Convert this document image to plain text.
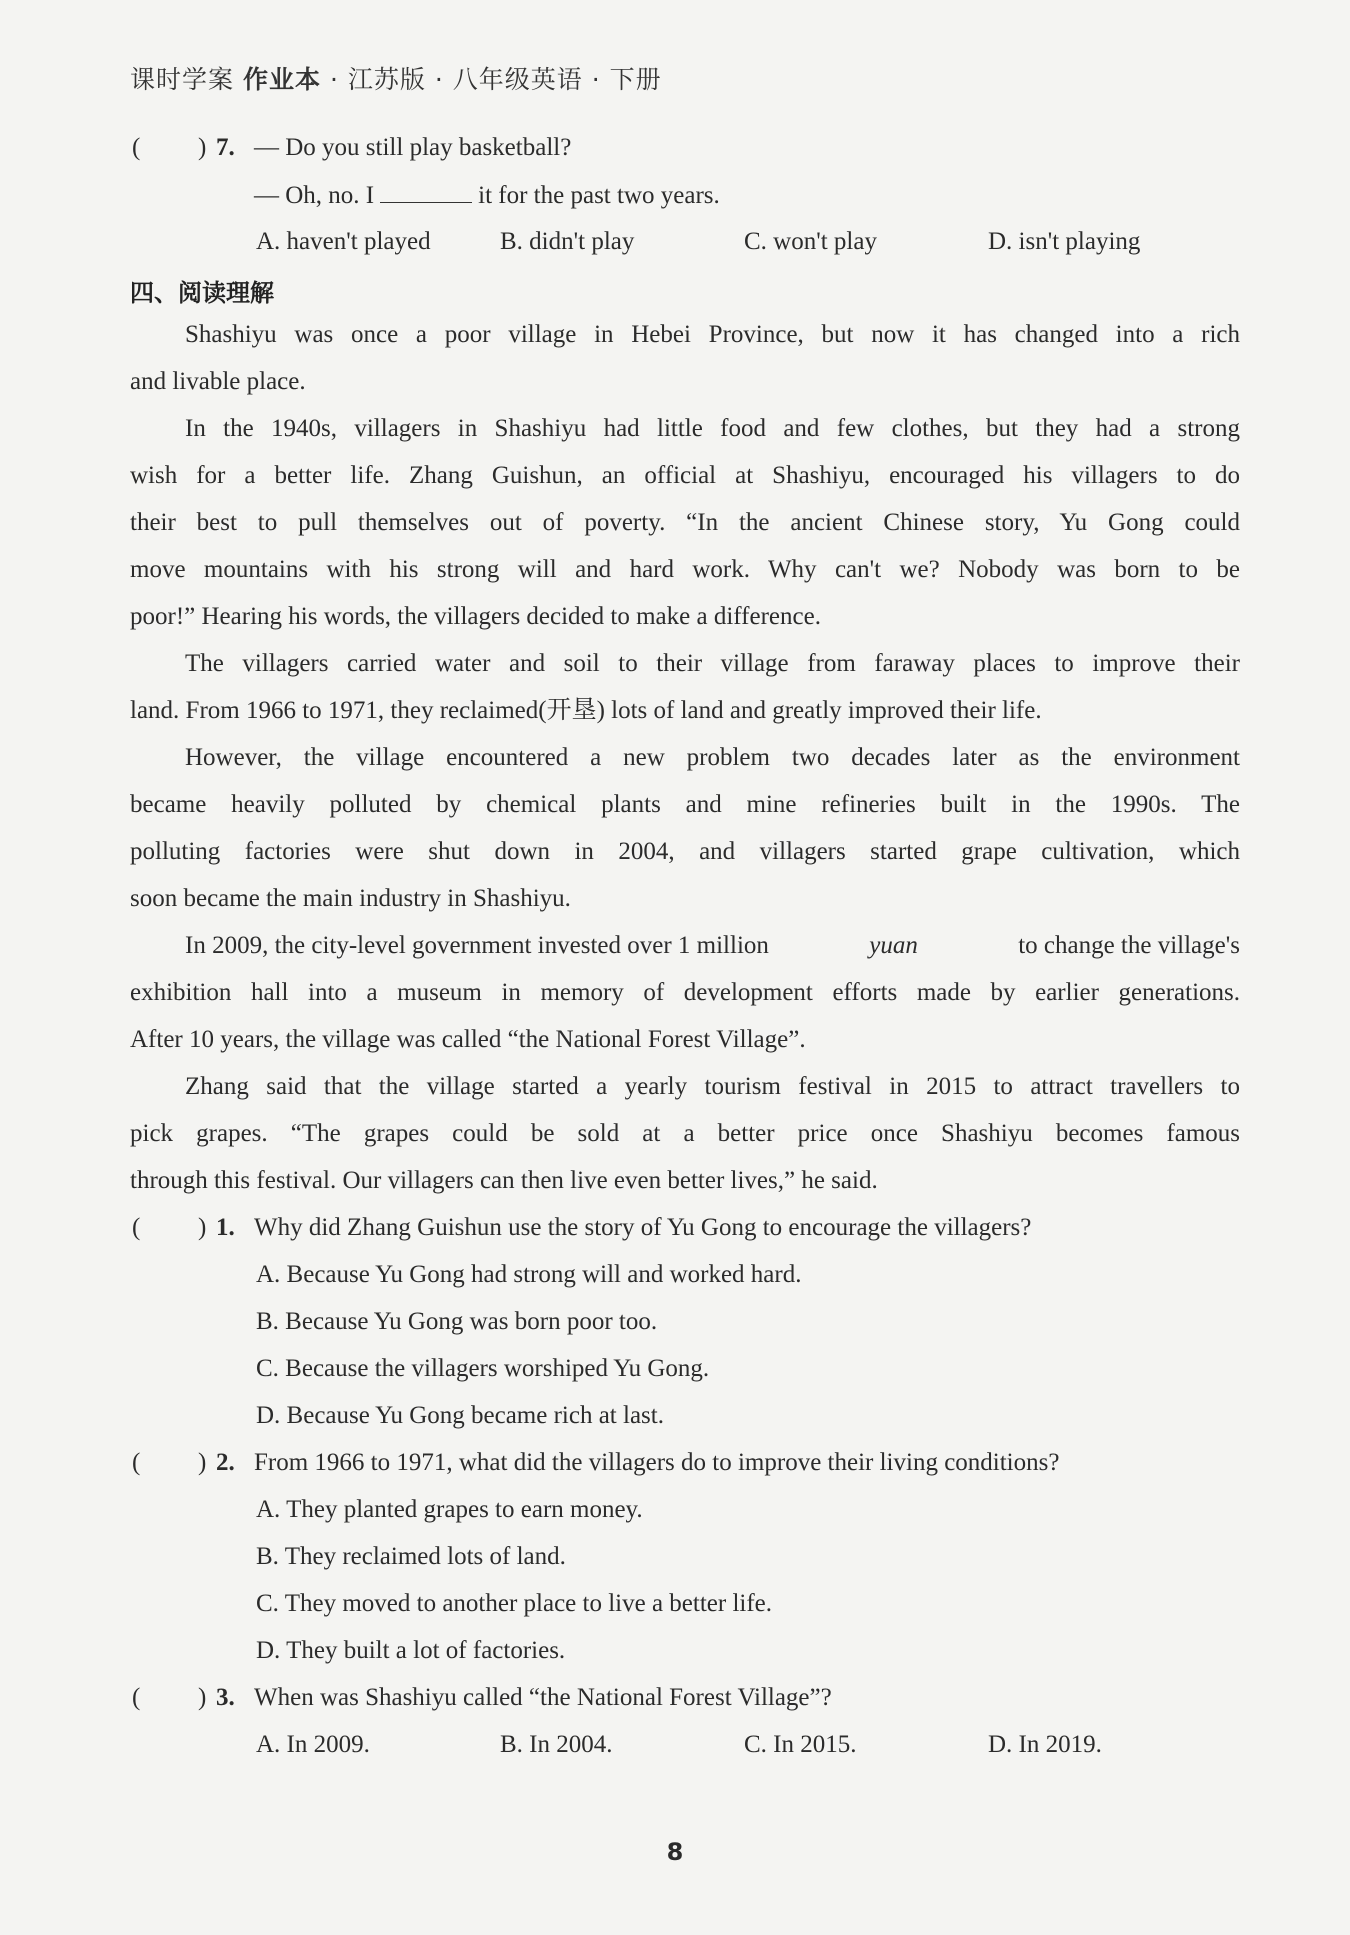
课时学案 作业本 · 江苏版 · 八年级英语 · 下册
( ) 7. — Do you still play basketball?
— Oh, no. I	it for the past two years.
A. haven't played	B. didn't play	C. won't play	D. isn't playing
四、阅读理解
Shashiyu was once a poor village in Hebei Province, but now it has changed into a rich
and livable place.
In the 1940s, villagers in Shashiyu had little food and few clothes, but they had a strong
wish for a better life. Zhang Guishun, an official at Shashiyu, encouraged his villagers to do
their best to pull themselves out of poverty. “In the ancient Chinese story, Yu Gong could
move mountains with his strong will and hard work. Why can't we? Nobody was born to be
poor!” Hearing his words, the villagers decided to make a difference.
The villagers carried water and soil to their village from faraway places to improve their
land. From 1966 to 1971, they reclaimed(开垦) lots of land and greatly improved their life.
However, the village encountered a new problem two decades later as the environment
became heavily polluted by chemical plants and mine refineries built in the 1990s. The
polluting factories were shut down in 2004, and villagers started grape cultivation, which
soon became the main industry in Shashiyu.
In 2009, the city-level government invested over 1 million	yuan	to change the village's
exhibition hall into a museum in memory of development efforts made by earlier generations.
After 10 years, the village was called “the National Forest Village”.
Zhang said that the village started a yearly tourism festival in 2015 to attract travellers to
pick grapes. “The grapes could be sold at a better price once Shashiyu becomes famous
through this festival. Our villagers can then live even better lives,” he said.
( ) 1. Why did Zhang Guishun use the story of Yu Gong to encourage the villagers?
A. Because Yu Gong had strong will and worked hard.
B. Because Yu Gong was born poor too.
C. Because the villagers worshiped Yu Gong.
D. Because Yu Gong became rich at last.
( ) 2. From 1966 to 1971, what did the villagers do to improve their living conditions?
A. They planted grapes to earn money.
B. They reclaimed lots of land.
C. They moved to another place to live a better life.
D. They built a lot of factories.
( ) 3. When was Shashiyu called “the National Forest Village”?
A. In 2009.	B. In 2004.	C. In 2015.	D. In 2019.
8
